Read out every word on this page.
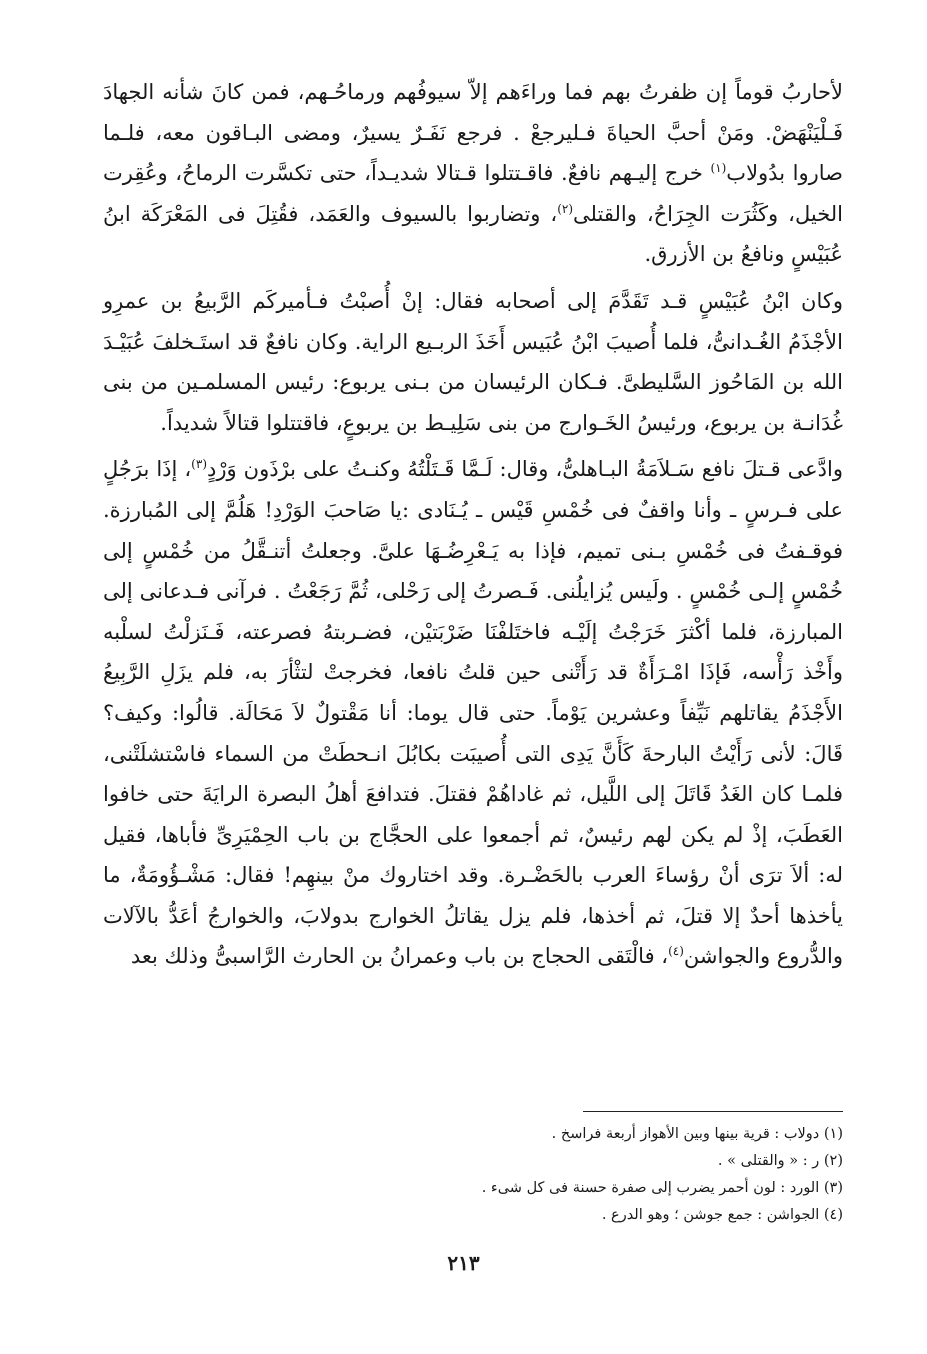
لأحاربُ قوماً إن ظفرتُ بهم فما وراءَهم إلاّ سيوفُهم ورماحُـهم، فمن كانَ شأنه الجهادَ فَـلْيَنْهَضْ. ومَنْ أحبَّ الحياةَ فـليرجعْ . فرجع نَفَـرٌ يسيرٌ، ومضى البـاقون معه، فلـما صاروا بدُولاب$^{(١)}$ خرج إليـهم نافعٌ. فاقـتتلوا قـتالا شديـداً، حتى تكسَّرت الرماحُ، وعُقِرت الخيل، وكَثُرَت الجِرَاحُ، والقتلى$^{(٢)}$، وتضاربوا بالسيوف والعَمَد، فقُتِلَ فى المَعْرَكَة ابنُ عُبَيْسٍ ونافعُ بن الأزرق.

وكان ابْنُ عُبَيْسٍ قـد تَقَدَّمَ إلى أصحابه فقال: إنْ أُصبْتُ فـأميركَم الرَّبيعُ بن عمرِو الأجْذَمُ الغُـدانىُّ، فلما أُصيبَ ابْنُ عُبَيس أَخَذَ الربـيع الراية. وكان نافعٌ قد استَـخلفَ عُبَيْـدَ الله بن المَاحُوز السَّليطىَّ. فـكان الرئيسان من بـنى يربوع: رئيس المسلمـين من بنى غُدَانـة بن يربوع، ورئيسُ الخَـوارج من بنى سَلِيـط بن يربوعٍ، فاقتتلوا قتالاً شديداً.

وادَّعى قـتلَ نافع سَـلاَمَةُ البـاهلىُّ، وقال: لَـمَّا قَـتَلْتُهُ وكنـتُ على برْذَون وَرْدٍ$^{(٣)}$، إذَا برَجُلٍ على فـرسٍ ـ وأنا واقفٌ فى خُمْسِ قَيْس ـ يُـنَادى :يا صَاحبَ الوَرْدِ! هَلُمَّ إلى المُبارزة. فوقـفتُ فى خُمْسِ بـنى تميم، فإذا به يَـعْرِضُـهَا علىَّ. وجعلتُ أتنـقَّلُ من خُمْسٍ إلى خُمْسٍ إلـى خُمْسٍ . ولَيس يُزايلُنى. فَـصرتُ إلى رَحْلى، ثُمَّ رَجَعْتُ . فرآنى فـدعانى إلى المبارزة، فلما أكْثرَ خَرَجْتُ إلَيْـه فاختَلفْنَا ضَرْبَتيْن، فضـربتهُ فصرعته، فَـنَزلْتُ لسلْبه وأَخْذ رَأْسه، فَإذَا امْـرَأَةٌ قد رَأَتْنى حين قلتُ نافعا، فخرجتْ لتثْأرَ به، فلم يزَلِ الرَّبِيعُ الأَجْذَمُ يقاتلهم نَيِّفاً وعشرين يَوْماً. حتى قال يوما: أنا مَقْتولٌ لاَ مَحَالَة. قالُوا: وكيف؟ قَالَ: لأنى رَأَيْتُ البارحةَ كَأَنَّ يَدِى التى أُصيبَت بكابُلَ انـحطَتْ من السماء فاسْتشلَتْنى، فلمـا كان الغَدُ قَاتَلَ إلى اللَّيل، ثم غاداهُمْ فقتلَ. فتدافعَ أهلُ البصرة الرايَةَ حتى خافوا العَطَبَ، إذْ لم يكن لهم رئيسٌ، ثم أجمعوا على الحجَّاج بن باب الحِمْيَرِىِّ فأباها، فقيل له: ألاَ ترَى أنْ رؤساءَ العرب بالحَضْـرة. وقد اختاروك منْ بينهِم! فقال: مَشْـؤُومَةٌ، ما يأخذها أحدٌ إلا قتلَ، ثم أخذها، فلم يزل يقاتلُ الخوارج بدولابَ، والخوارجُ أعَدُّ بالآلات والدُّروع والجواشن$^{(٤)}$، فالْتَقى الحجاج بن باب وعمرانُ بن الحارث الرَّاسبىُّ وذلك بعد

(١) دولاب : قرية بينها وبين الأهواز أربعة فراسخ .

(٢) ر : « والقتلى » .

(٣) الورد : لون أحمر يضرب إلى صفرة حسنة فى كل شىء .

(٤) الجواشن : جمع جوشن ؛ وهو الدرع .

٢١٣
